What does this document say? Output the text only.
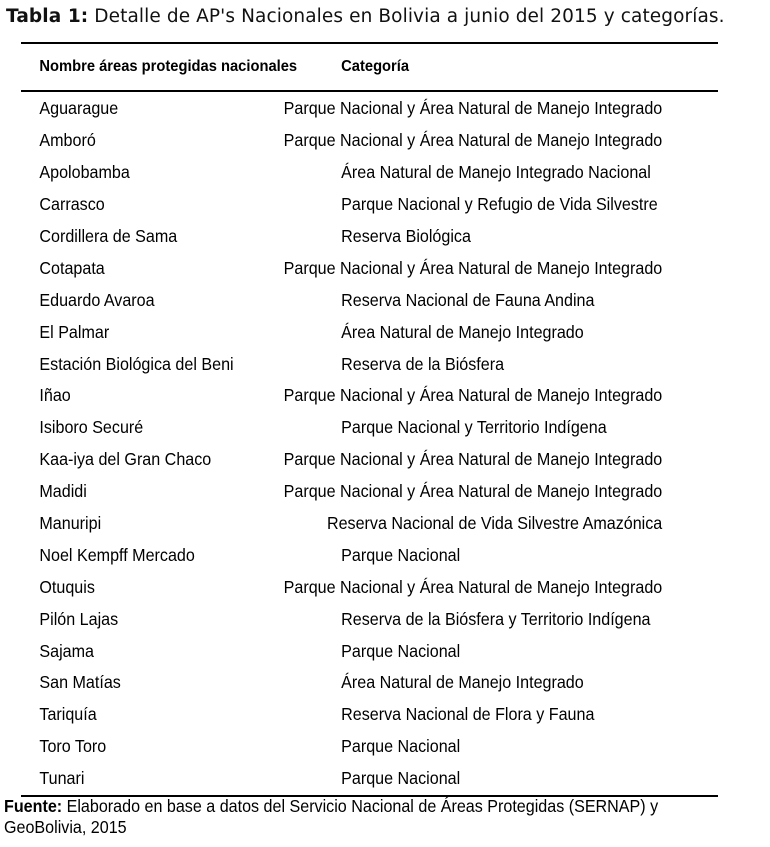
Tabla 1: Detalle de AP's Nacionales en Bolivia a junio del 2015 y categorías.
Nombre áreas protegidas nacionales	Categoría
Aguarague	Parque Nacional y Área Natural de Manejo Integrado
Amboró	Parque Nacional y Área Natural de Manejo Integrado
Apolobamba	Área Natural de Manejo Integrado Nacional
Carrasco	Parque Nacional y Refugio de Vida Silvestre
Cordillera de Sama	Reserva Biológica
Cotapata	Parque Nacional y Área Natural de Manejo Integrado
Eduardo Avaroa	Reserva Nacional de Fauna Andina
El Palmar	Área Natural de Manejo Integrado
Estación Biológica del Beni	Reserva de la Biósfera
Iñao	Parque Nacional y Área Natural de Manejo Integrado
Isiboro Securé	Parque Nacional y Territorio Indígena
Kaa-iya del Gran Chaco	Parque Nacional y Área Natural de Manejo Integrado
Madidi	Parque Nacional y Área Natural de Manejo Integrado
Manuripi	Reserva Nacional de Vida Silvestre Amazónica
Noel Kempff Mercado	Parque Nacional
Otuquis	Parque Nacional y Área Natural de Manejo Integrado
Pilón Lajas	Reserva de la Biósfera y Territorio Indígena
Sajama	Parque Nacional
San Matías	Área Natural de Manejo Integrado
Tariquía	Reserva Nacional de Flora y Fauna
Toro Toro	Parque Nacional
Tunari	Parque Nacional
Fuente: Elaborado en base a datos del Servicio Nacional de Áreas Protegidas (SERNAP) y GeoBolivia, 2015
